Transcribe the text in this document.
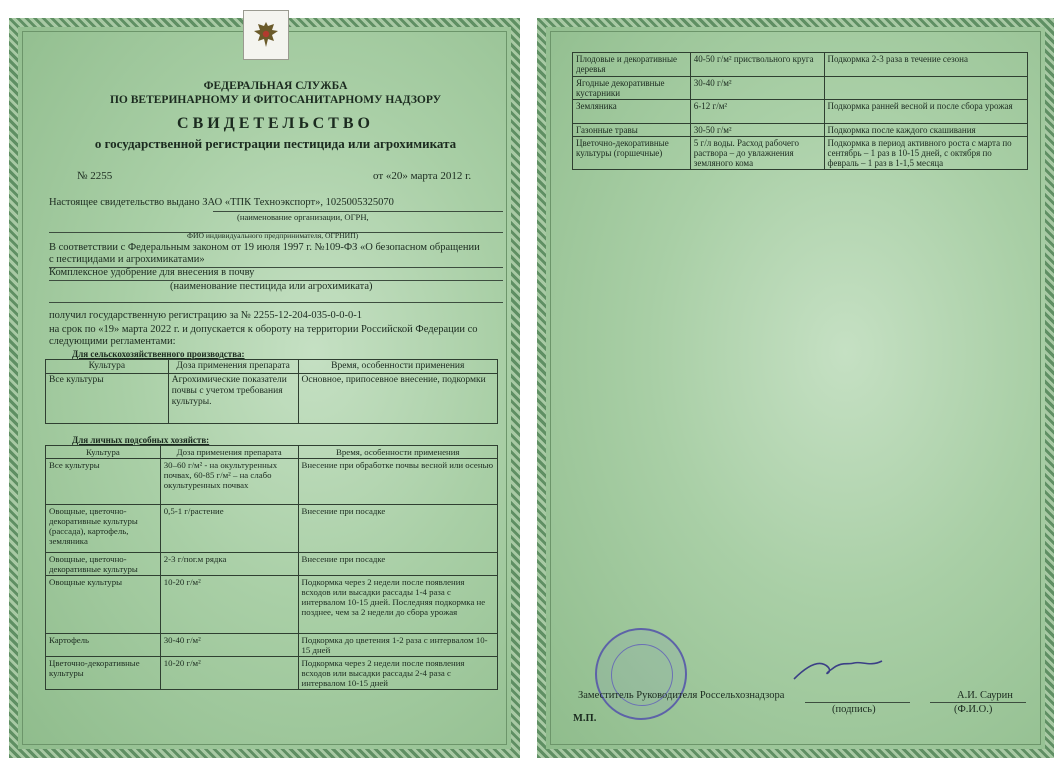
ФЕДЕРАЛЬНАЯ СЛУЖБА
ПО ВЕТЕРИНАРНОМУ И ФИТОСАНИТАРНОМУ НАДЗОРУ
СВИДЕТЕЛЬСТВО
о государственной регистрации пестицида или агрохимиката
№ 2255	от «20» марта 2012 г.
Настоящее свидетельство выдано ЗАО «ТПК Техноэкспорт», 1025005325070
(наименование организации, ОГРН,
ФИО индивидуального предпринимателя, ОГРНИП)
В соответствии с Федеральным законом от 19 июля 1997 г. №109-ФЗ «О безопасном обращении
с пестицидами и агрохимикатами»
Комплексное удобрение для внесения в почву
(наименование пестицида или агрохимиката)
получил государственную регистрацию за № 2255-12-204-035-0-0-0-1
на срок по «19» марта 2022 г. и допускается к обороту на территории Российской Федерации со
следующими регламентами:
Для сельскохозяйственного производства:
Культура	Доза применения препарата	Время, особенности применения
Все культуры	Агрохимические показатели почвы с учетом требования культуры.	Основное, припосевное внесение, подкормки
Для личных подсобных хозяйств:
Культура	Доза применения препарата	Время, особенности применения
Все культуры	30–60 г/м² - на окультуренных почвах, 60-85 г/м² – на слабо окультуренных почвах	Внесение при обработке почвы весной или осенью
Овощные, цветочно-декоративные культуры (рассада), картофель, земляника	0,5-1 г/растение	Внесение при посадке
Овощные, цветочно-декоративные культуры	2-3 г/пог.м рядка	Внесение при посадке
Овощные культуры	10-20 г/м²	Подкормка через 2 недели после появления всходов или высадки рассады 1-4 раза с интервалом 10-15 дней. Последняя подкормка не позднее, чем за 2 недели до сбора урожая
Картофель	30-40 г/м²	Подкормка до цветения 1-2 раза с интервалом 10-15 дней
Цветочно-декоративные культуры	10-20 г/м²	Подкормка через 2 недели после появления всходов или высадки рассады 2-4 раза с интервалом 10-15 дней
Плодовые и декоративные деревья	40-50 г/м² приствольного круга	Подкормка 2-3 раза в течение сезона
Ягодные декоративные кустарники	30-40 г/м²	
Земляника	6-12 г/м²	Подкормка ранней весной и после сбора урожая
Газонные травы	30-50 г/м²	Подкормка после каждого скашивания
Цветочно-декоративные культуры (горшечные)	5 г/л воды. Расход рабочего раствора – до увлажнения земляного кома	Подкормка в период активного роста с марта по сентябрь – 1 раз в 10-15 дней, с октября по февраль – 1 раз в 1-1,5 месяца
Заместитель Руководителя Россельхознадзора
(подпись)
А.И. Саурин
(Ф.И.О.)
М.П.
